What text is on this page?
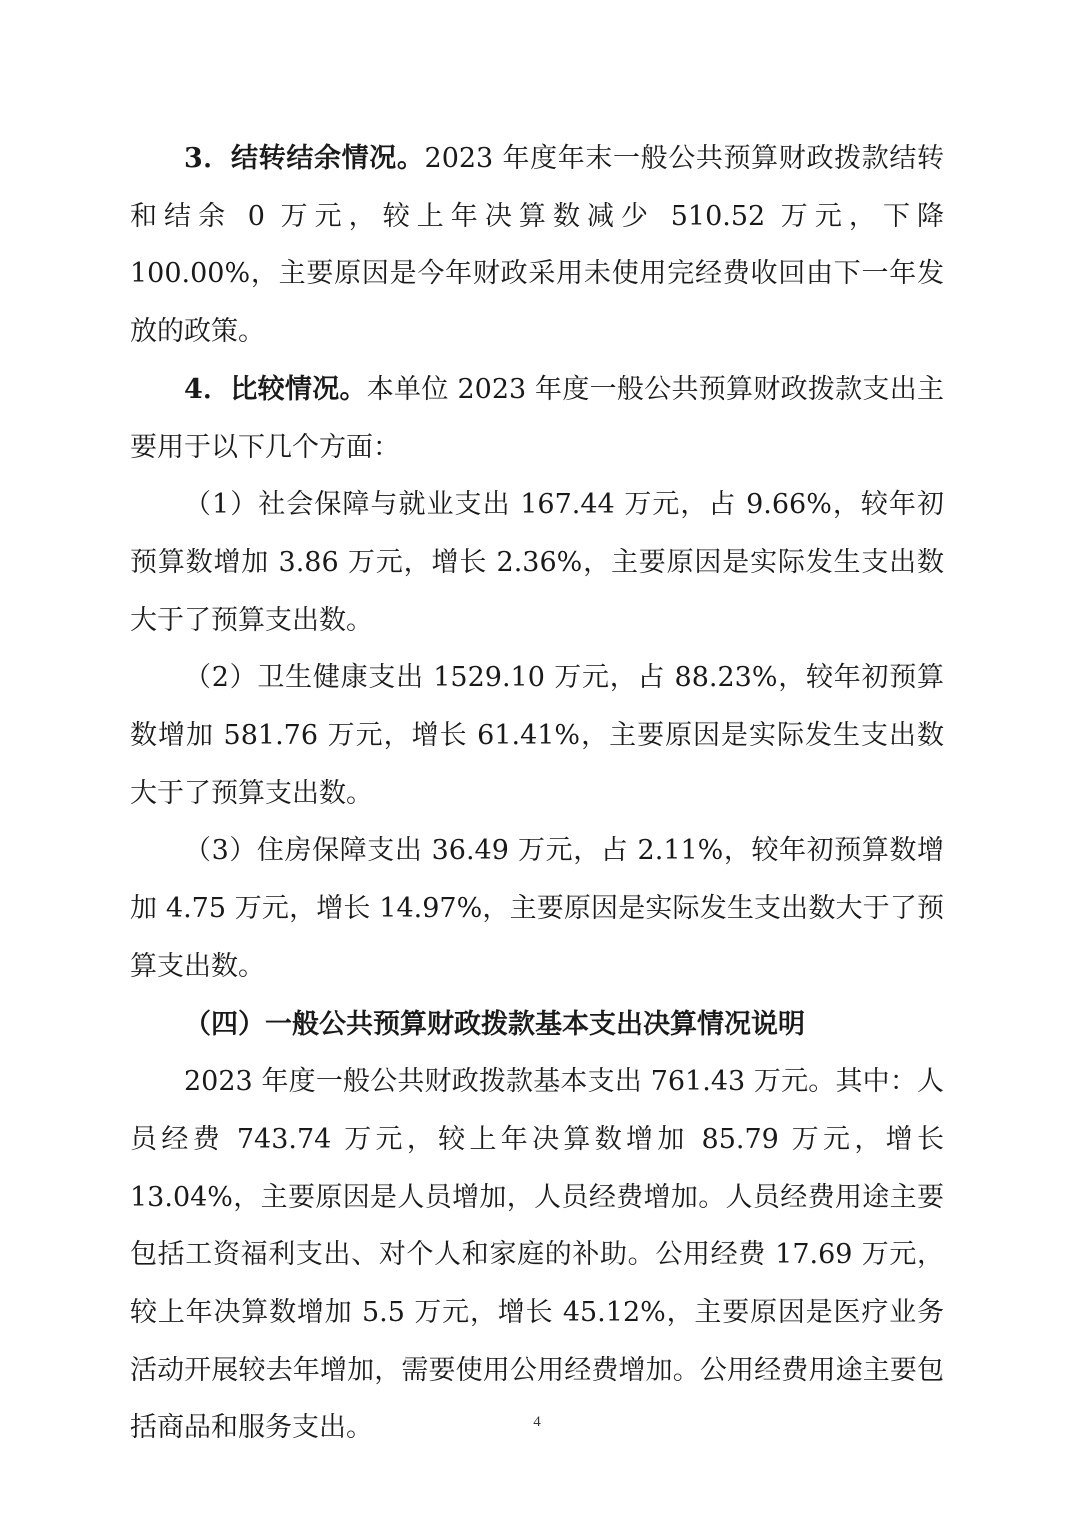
3．结转结余情况。2023 年度年末一般公共预算财政拨款结转和结余 0 万元，较上年决算数减少 510.52 万元，下降 100.00%，主要原因是今年财政采用未使用完经费收回由下一年发放的政策。

4．比较情况。本单位 2023 年度一般公共预算财政拨款支出主要用于以下几个方面：

（1）社会保障与就业支出 167.44 万元，占 9.66%，较年初预算数增加 3.86 万元，增长 2.36%，主要原因是实际发生支出数大于了预算支出数。

（2）卫生健康支出 1529.10 万元，占 88.23%，较年初预算数增加 581.76 万元，增长 61.41%，主要原因是实际发生支出数大于了预算支出数。

（3）住房保障支出 36.49 万元，占 2.11%，较年初预算数增加 4.75 万元，增长 14.97%，主要原因是实际发生支出数大于了预算支出数。

（四）一般公共预算财政拨款基本支出决算情况说明

2023 年度一般公共财政拨款基本支出 761.43 万元。其中：人员经费 743.74 万元，较上年决算数增加 85.79 万元，增长 13.04%，主要原因是人员增加，人员经费增加。人员经费用途主要包括工资福利支出、对个人和家庭的补助。公用经费 17.69 万元，较上年决算数增加 5.5 万元，增长 45.12%，主要原因是医疗业务活动开展较去年增加，需要使用公用经费增加。公用经费用途主要包括商品和服务支出。	4
